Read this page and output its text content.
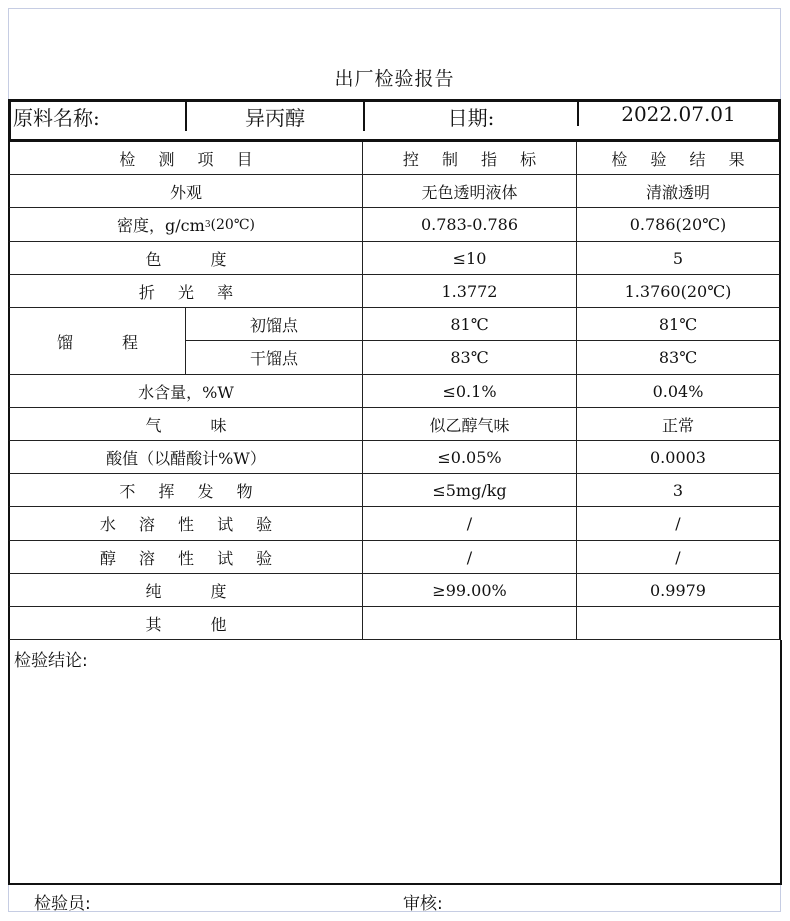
出厂检验报告
原料名称:	异丙醇	日期:	2022.07.01
检 测 项 目	控 制 指 标	检 验 结 果
外观	无色透明液体	清澈透明
密度，g/cm 3 (20℃)	0.783-0.786	0.786(20℃)
色 度	≤10	5
折 光 率	1.3772	1.3760(20℃)
馏 程
初馏点	81℃	81℃
干馏点	83℃	83℃
水含量，%W	≤0.1%	0.04%
气 味	似乙醇气味	正常
酸值（以醋酸计%W）	≤0.05%	0.0003
不 挥 发 物	≤5mg/kg	3
水 溶 性 试 验	/	/
醇 溶 性 试 验	/	/
纯 度	≥99.00%	0.9979
其 他
检验结论:
检验员:	审核:
